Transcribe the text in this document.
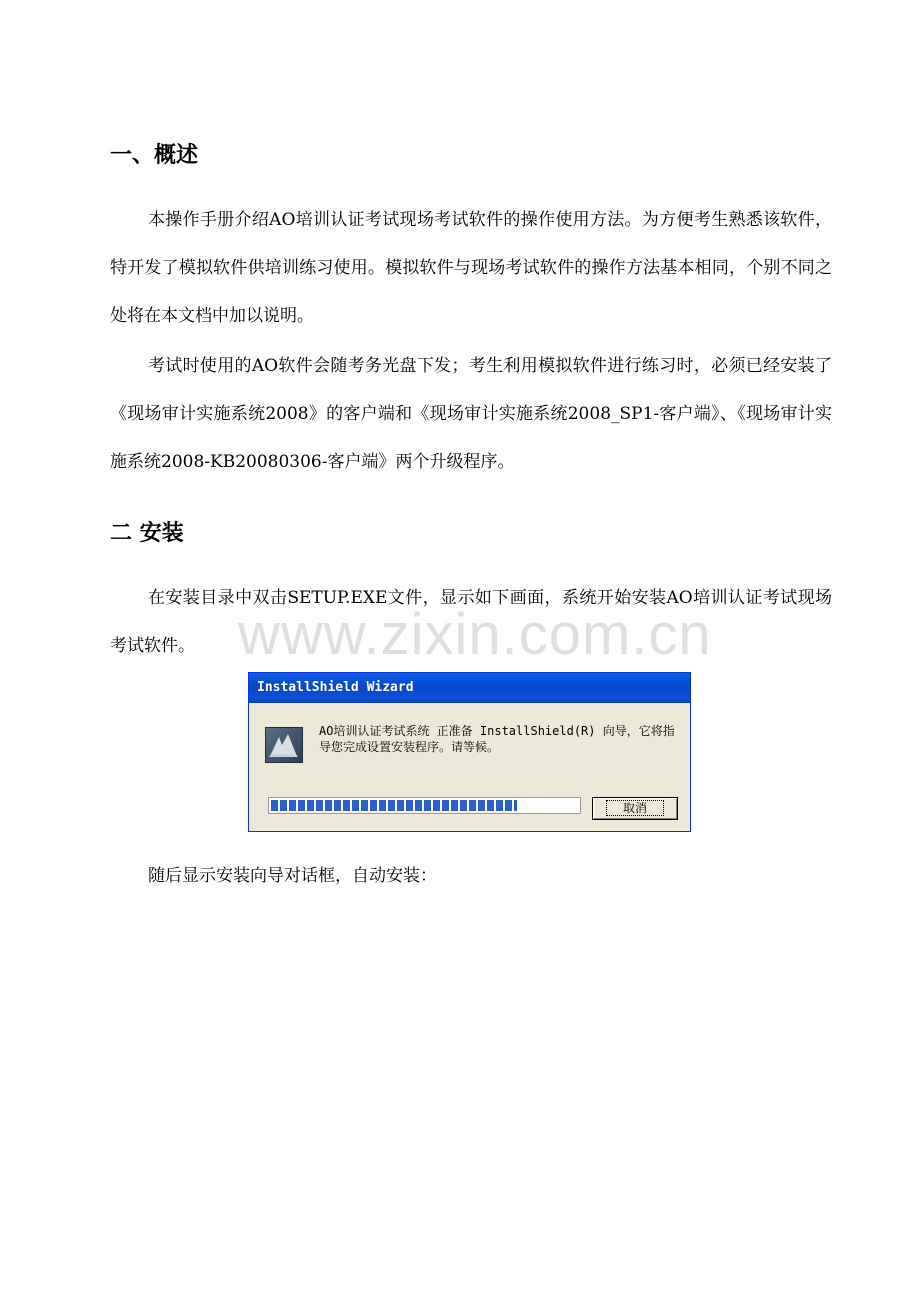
一、概述
本操作手册介绍AO培训认证考试现场考试软件的操作使用方法。为方便考生熟悉该软件，特开发了模拟软件供培训练习使用。模拟软件与现场考试软件的操作方法基本相同，个别不同之处将在本文档中加以说明。
考试时使用的AO软件会随考务光盘下发；考生利用模拟软件进行练习时，必须已经安装了《现场审计实施系统2008》的客户端和《现场审计实施系统2008_SP1-客户端》、《现场审计实施系统2008-KB20080306-客户端》两个升级程序。
二 安装
在安装目录中双击SETUP.EXE文件，显示如下画面，系统开始安装AO培训认证考试现场考试软件。 www.zixin.com.cn
InstallShield Wizard
AO培训认证考试系统 正准备 InstallShield(R) 向导，它将指导您完成设置安装程序。请等候。
取消
随后显示安装向导对话框，自动安装：
